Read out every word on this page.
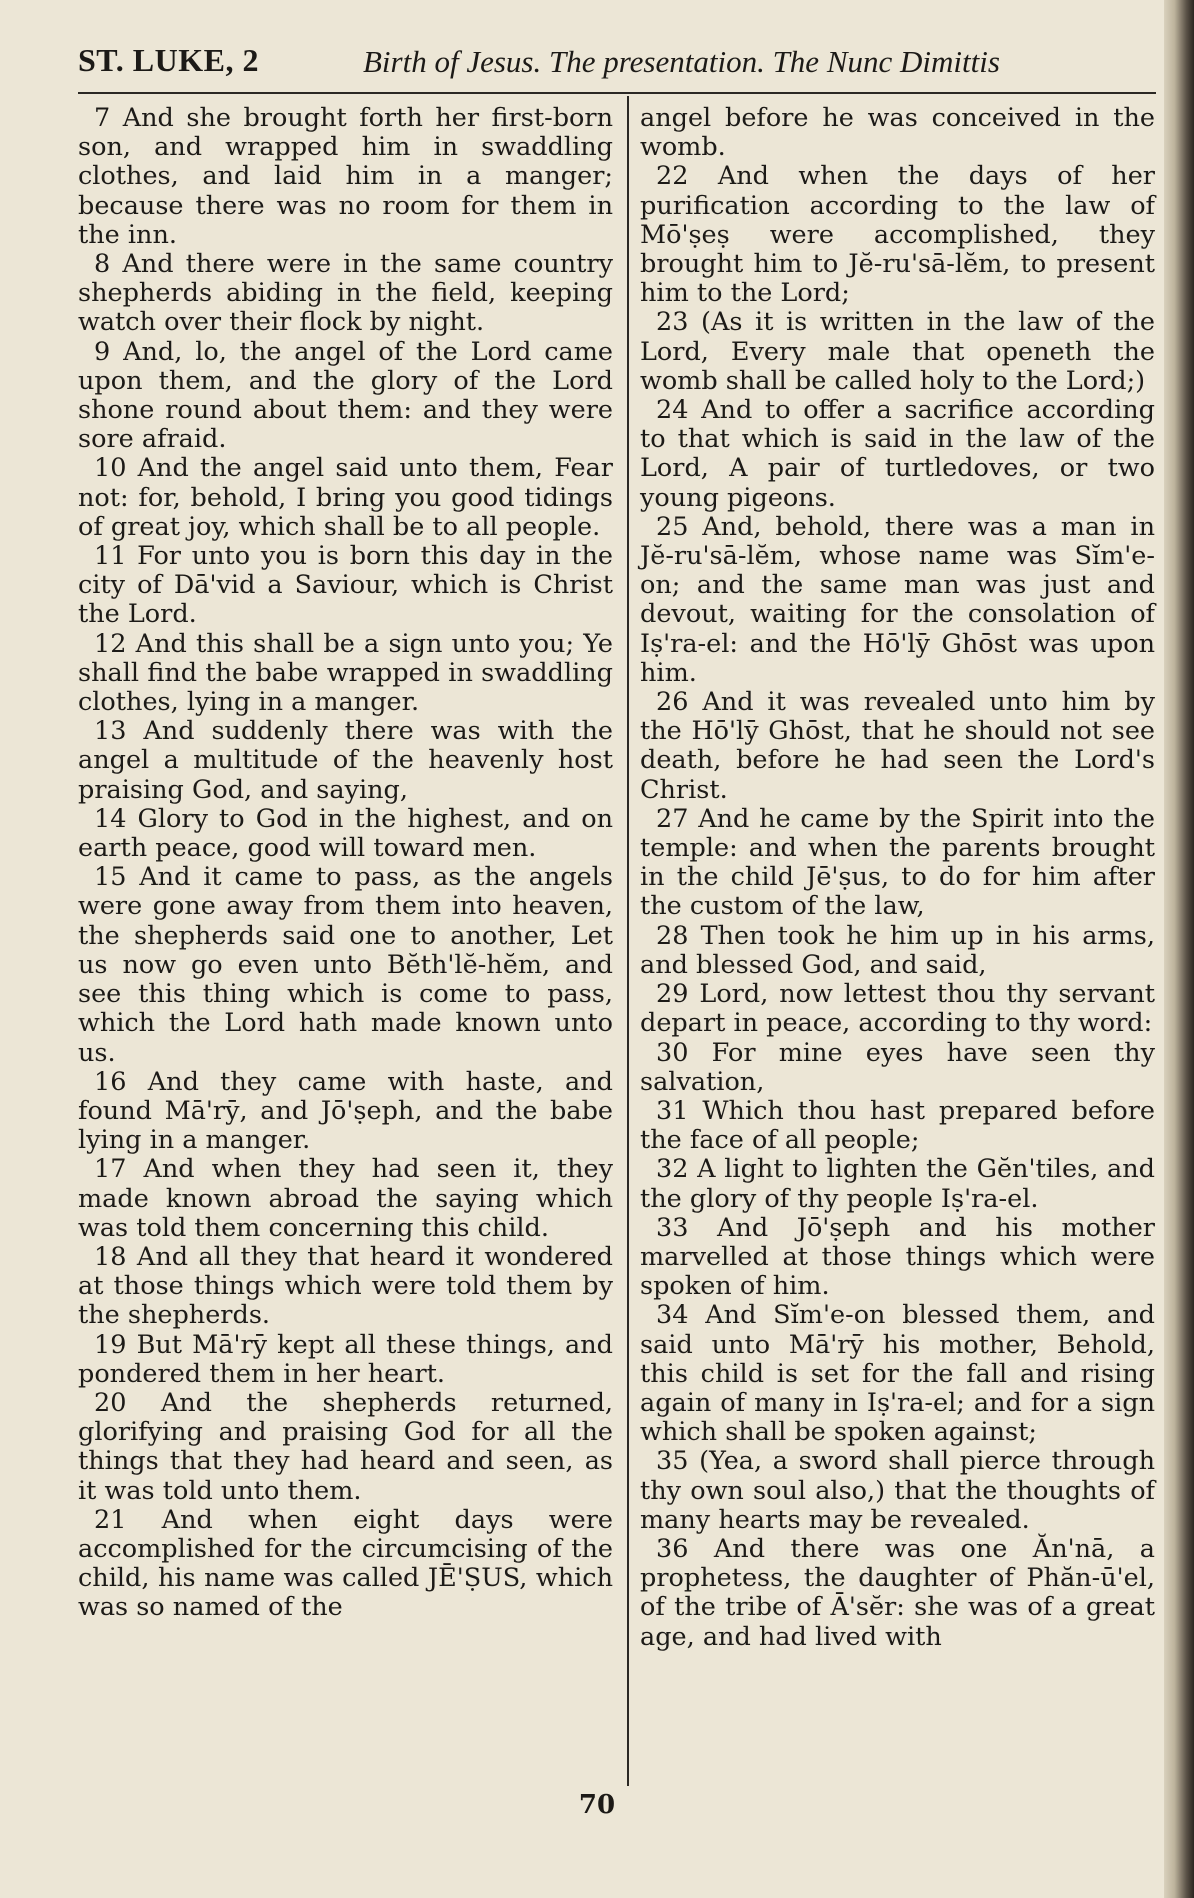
ST. LUKE, 2	Birth of Jesus. The presentation. The Nunc Dimittis

7 And she brought forth her first-born son, and wrapped him in swaddling clothes, and laid him in a manger; because there was no room for them in the inn.

8 And there were in the same country shepherds abiding in the field, keeping watch over their flock by night.

9 And, lo, the angel of the Lord came upon them, and the glory of the Lord shone round about them: and they were sore afraid.

10 And the angel said unto them, Fear not: for, behold, I bring you good tidings of great joy, which shall be to all people.

11 For unto you is born this day in the city of Dā'vid a Saviour, which is Christ the Lord.

12 And this shall be a sign unto you; Ye shall find the babe wrapped in swaddling clothes, lying in a manger.

13 And suddenly there was with the angel a multitude of the heavenly host praising God, and saying,

14 Glory to God in the highest, and on earth peace, good will toward men.

15 And it came to pass, as the angels were gone away from them into heaven, the shepherds said one to another, Let us now go even unto Bĕth'lĕ-hĕm, and see this thing which is come to pass, which the Lord hath made known unto us.

16 And they came with haste, and found Mā'rȳ, and Jō'ṣeph, and the babe lying in a manger.

17 And when they had seen it, they made known abroad the saying which was told them concerning this child.

18 And all they that heard it wondered at those things which were told them by the shepherds.

19 But Mā'rȳ kept all these things, and pondered them in her heart.

20 And the shepherds returned, glorifying and praising God for all the things that they had heard and seen, as it was told unto them.

21 And when eight days were accomplished for the circumcising of the child, his name was called JĒ'ṢUS, which was so named of the

angel before he was conceived in the womb.

22 And when the days of her purification according to the law of Mō'ṣeṣ were accomplished, they brought him to Jĕ-ru'sā-lĕm, to present him to the Lord;

23 (As it is written in the law of the Lord, Every male that openeth the womb shall be called holy to the Lord;)

24 And to offer a sacrifice according to that which is said in the law of the Lord, A pair of turtledoves, or two young pigeons.

25 And, behold, there was a man in Jĕ-ru'sā-lĕm, whose name was Sĭm'e-on; and the same man was just and devout, waiting for the consolation of Iṣ'ra-el: and the Hō'lȳ Ghōst was upon him.

26 And it was revealed unto him by the Hō'lȳ Ghōst, that he should not see death, before he had seen the Lord's Christ.

27 And he came by the Spirit into the temple: and when the parents brought in the child Jē'ṣus, to do for him after the custom of the law,

28 Then took he him up in his arms, and blessed God, and said,

29 Lord, now lettest thou thy servant depart in peace, according to thy word:

30 For mine eyes have seen thy salvation,

31 Which thou hast prepared before the face of all people;

32 A light to lighten the Gĕn'tiles, and the glory of thy people Iṣ'ra-el.

33 And Jō'ṣeph and his mother marvelled at those things which were spoken of him.

34 And Sĭm'e-on blessed them, and said unto Mā'rȳ his mother, Behold, this child is set for the fall and rising again of many in Iṣ'ra-el; and for a sign which shall be spoken against;

35 (Yea, a sword shall pierce through thy own soul also,) that the thoughts of many hearts may be revealed.

36 And there was one Ăn'nā, a prophetess, the daughter of Phăn-ū'el, of the tribe of Ā'sĕr: she was of a great age, and had lived with

70
